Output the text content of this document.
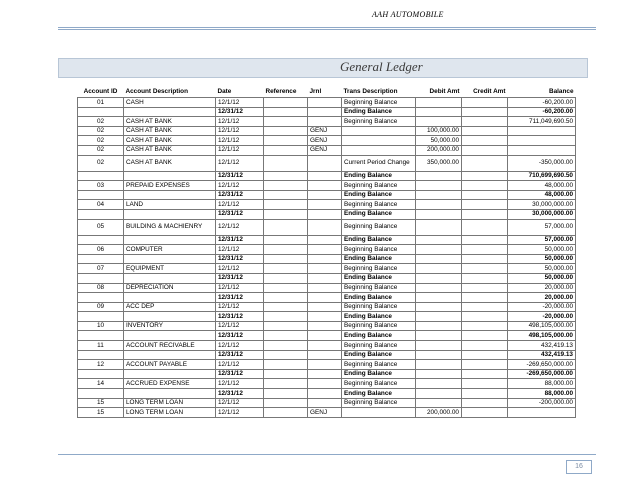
AAH AUTOMOBILE
General Ledger
Account ID	Account Description	Date	Reference	Jrnl	Trans Description	Debit Amt	Credit Amt	Balance
01	CASH	12/1/12			Beginning Balance			-60,200.00
		12/31/12			Ending Balance			-60,200.00
02	CASH AT BANK	12/1/12			Beginning Balance			711,049,690.50
02	CASH AT BANK	12/1/12		GENJ		100,000.00		
02	CASH AT BANK	12/1/12		GENJ		50,000.00		
02	CASH AT BANK	12/1/12		GENJ		200,000.00		
02	CASH AT BANK	12/1/12			Current Period Change	350,000.00		-350,000.00
		12/31/12			Ending Balance			710,699,690.50
03	PREPAID EXPENSES	12/1/12			Beginning Balance			48,000.00
		12/31/12			Ending Balance			48,000.00
04	LAND	12/1/12			Beginning Balance			30,000,000.00
		12/31/12			Ending Balance			30,000,000.00
05	BUILDING & MACHIENRY	12/1/12			Beginning Balance			57,000.00
		12/31/12			Ending Balance			57,000.00
06	COMPUTER	12/1/12			Beginning Balance			50,000.00
		12/31/12			Ending Balance			50,000.00
07	EQUIPMENT	12/1/12			Beginning Balance			50,000.00
		12/31/12			Ending Balance			50,000.00
08	DEPRECIATION	12/1/12			Beginning Balance			20,000.00
		12/31/12			Ending Balance			20,000.00
09	ACC DEP	12/1/12			Beginning Balance			-20,000.00
		12/31/12			Ending Balance			-20,000.00
10	INVENTORY	12/1/12			Beginning Balance			498,105,000.00
		12/31/12			Ending Balance			498,105,000.00
11	ACCOUNT RECIVABLE	12/1/12			Beginning Balance			432,419.13
		12/31/12			Ending Balance			432,419.13
12	ACCOUNT PAYABLE	12/1/12			Beginning Balance			-269,650,000.00
		12/31/12			Ending Balance			-269,650,000.00
14	ACCRUED EXPENSE	12/1/12			Beginning Balance			88,000.00
		12/31/12			Ending Balance			88,000.00
15	LONG TERM LOAN	12/1/12			Beginning Balance			-200,000.00
15	LONG TERM LOAN	12/1/12		GENJ		200,000.00		
16
